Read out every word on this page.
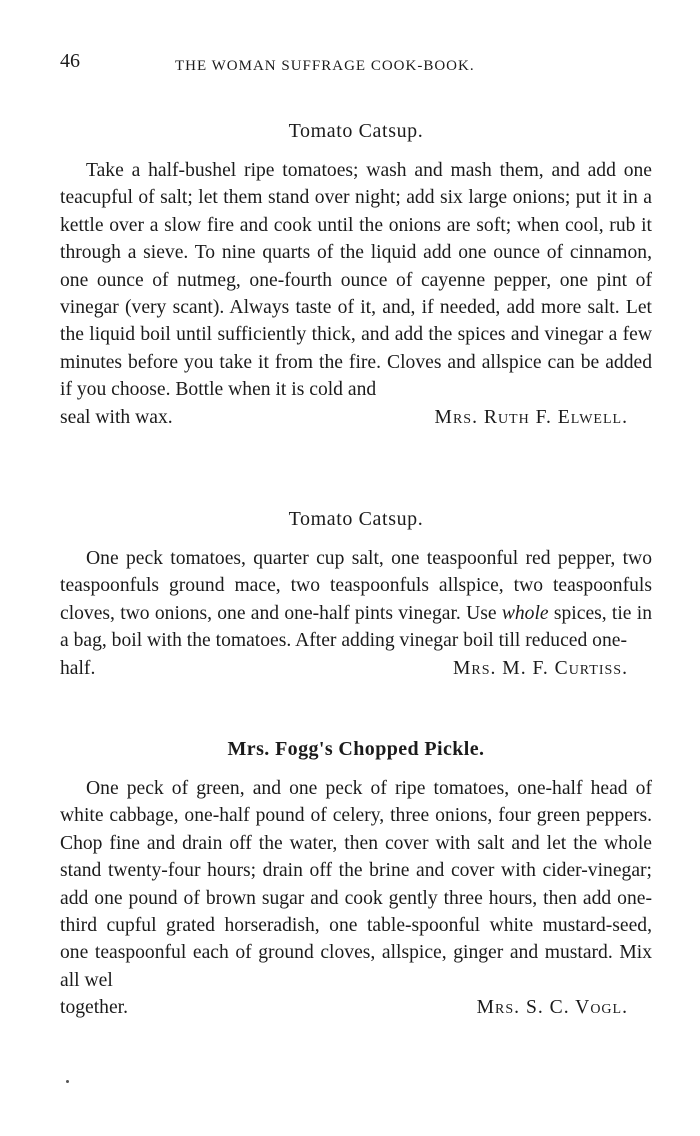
46	THE WOMAN SUFFRAGE COOK-BOOK.
Tomato Catsup.

Take a half-bushel ripe tomatoes; wash and mash them, and add one teacupful of salt; let them stand over night; add six large onions; put it in a kettle over a slow fire and cook until the onions are soft; when cool, rub it through a sieve. To nine quarts of the liquid add one ounce of cinnamon, one ounce of nutmeg, one-fourth ounce of cayenne pepper, one pint of vinegar (very scant). Always taste of it, and, if needed, add more salt. Let the liquid boil until sufficiently thick, and add the spices and vinegar a few minutes before you take it from the fire. Cloves and allspice can be added if you choose. Bottle when it is cold and

seal with wax.	Mrs. Ruth F. Elwell.
Tomato Catsup.

One peck tomatoes, quarter cup salt, one teaspoonful red pepper, two teaspoonfuls ground mace, two teaspoonfuls allspice, two teaspoonfuls cloves, two onions, one and one-half pints vinegar. Use whole spices, tie in a bag, boil with the tomatoes. After adding vinegar boil till reduced one-

half.	Mrs. M. F. Curtiss.
Mrs. Fogg's Chopped Pickle.

One peck of green, and one peck of ripe tomatoes, one-half head of white cabbage, one-half pound of celery, three onions, four green peppers. Chop fine and drain off the water, then cover with salt and let the whole stand twenty-four hours; drain off the brine and cover with cider-vinegar; add one pound of brown sugar and cook gently three hours, then add one-third cupful grated horseradish, one table-spoonful white mustard-seed, one teaspoonful each of ground cloves, allspice, ginger and mustard. Mix all wel

together.	Mrs. S. C. Vogl.
